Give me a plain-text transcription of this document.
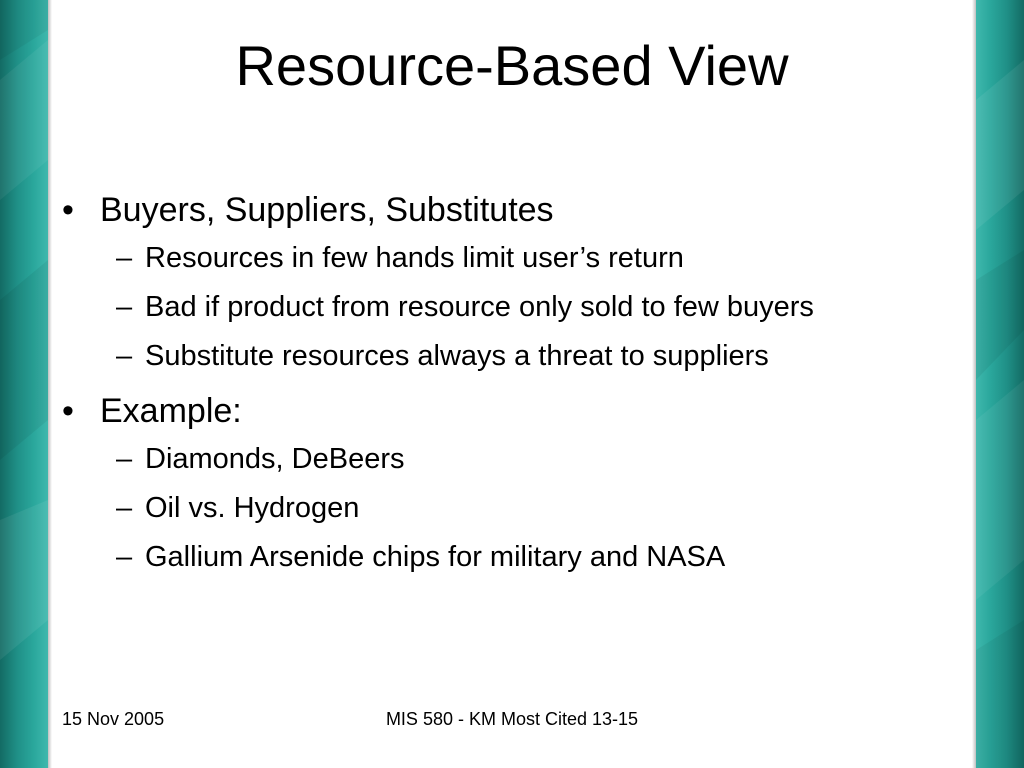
Resource-Based View
• Buyers, Suppliers, Substitutes
– Resources in few hands limit user’s return
– Bad if product from resource only sold to few buyers
– Substitute resources always a threat to suppliers
• Example:
– Diamonds, DeBeers
– Oil vs. Hydrogen
– Gallium Arsenide chips for military and NASA
15 Nov 2005	MIS 580 - KM Most Cited 13-15
